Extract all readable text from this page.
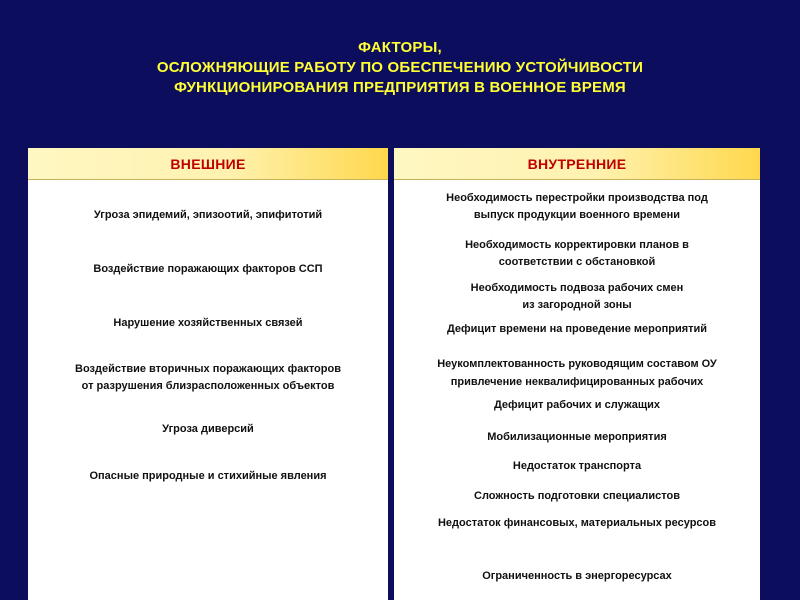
ФАКТОРЫ,
ОСЛОЖНЯЮЩИЕ РАБОТУ ПО ОБЕСПЕЧЕНИЮ УСТОЙЧИВОСТИ
ФУНКЦИОНИРОВАНИЯ ПРЕДПРИЯТИЯ В ВОЕННОЕ ВРЕМЯ
ВНЕШНИЕ
Угроза эпидемий, эпизоотий, эпифитотий
Воздействие поражающих факторов ССП
Нарушение хозяйственных связей
Воздействие вторичных поражающих факторов
от разрушения близрасположенных объектов
Угроза диверсий
Опасные природные и стихийные явления
ВНУТРЕННИЕ
Необходимость перестройки производства под
выпуск продукции военного времени
Необходимость корректировки планов в
соответствии с обстановкой
Необходимость подвоза рабочих смен
из загородной зоны
Дефицит времени на проведение мероприятий
Неукомплектованность руководящим составом ОУ
привлечение неквалифицированных рабочих
Дефицит рабочих и служащих
Мобилизационные мероприятия
Недостаток транспорта
Сложность подготовки специалистов
Недостаток финансовых, материальных ресурсов
Ограниченность в энергоресурсах
